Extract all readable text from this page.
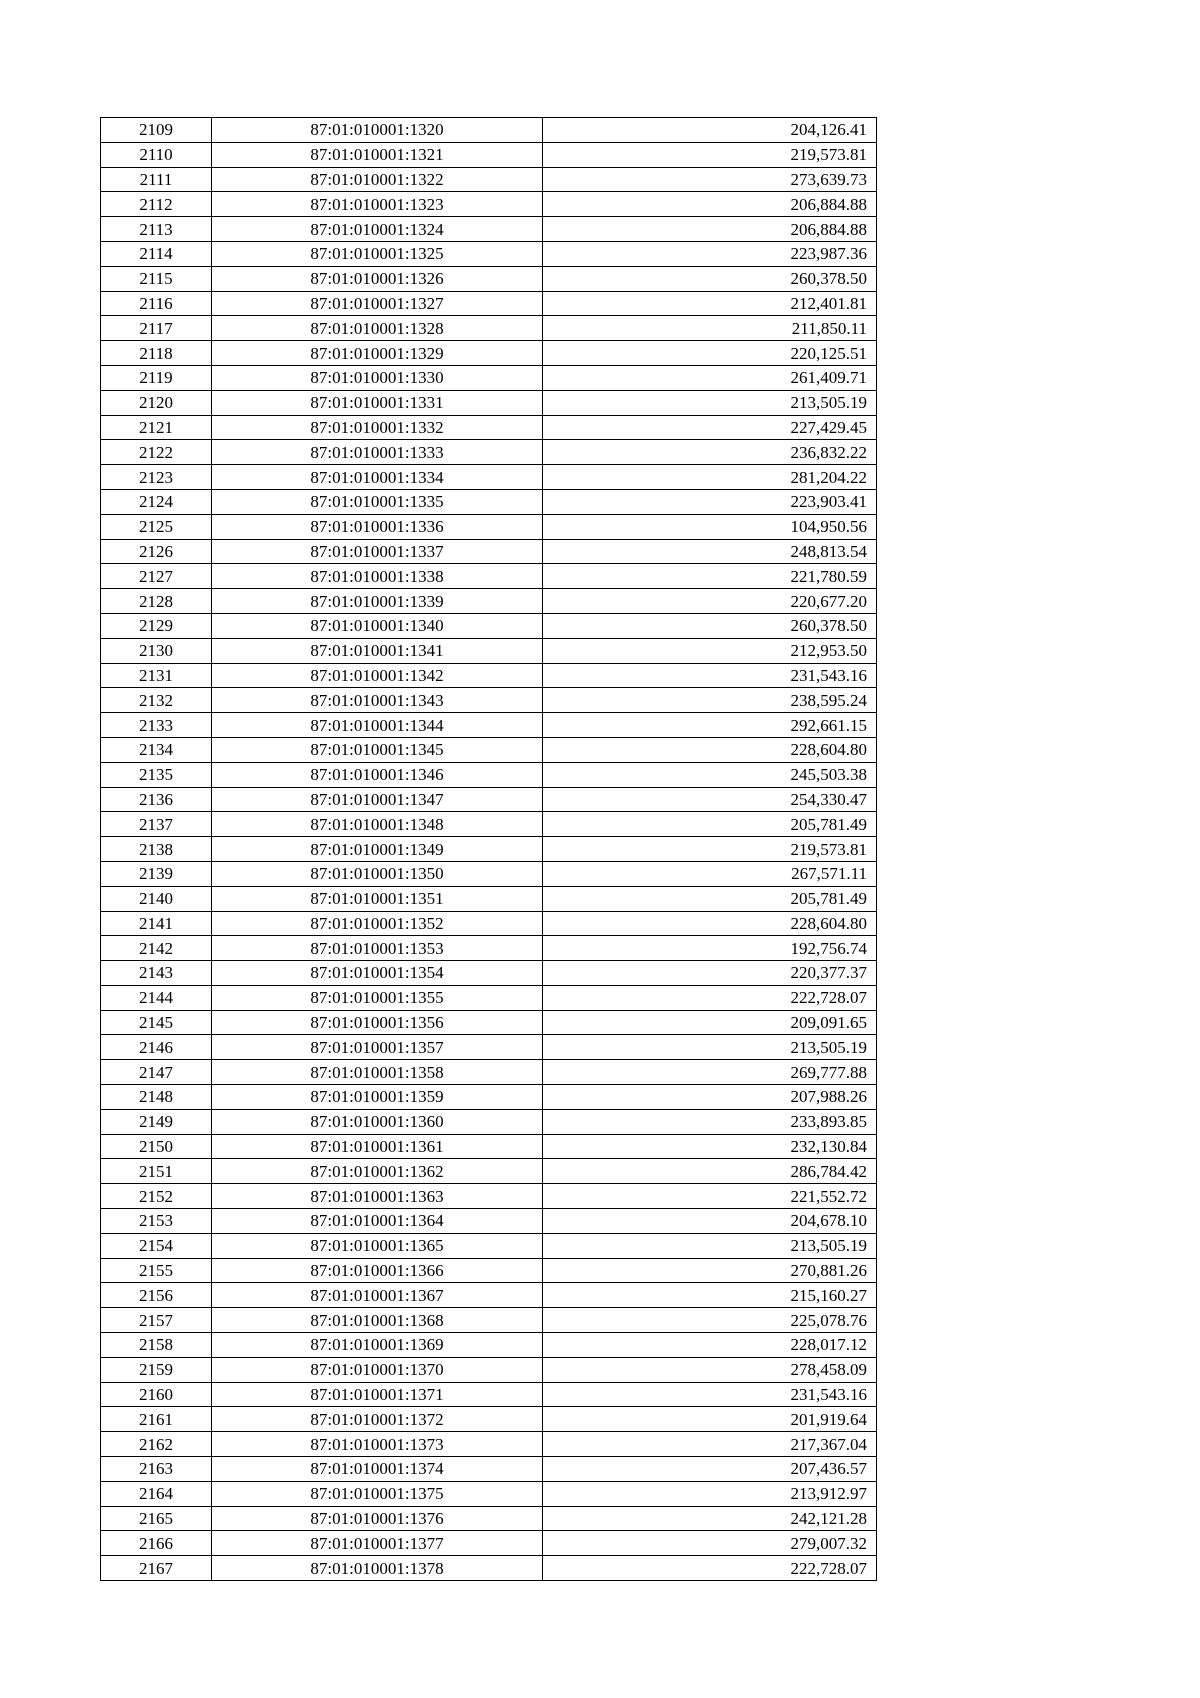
2109	87:01:010001:1320	204,126.41
2110	87:01:010001:1321	219,573.81
2111	87:01:010001:1322	273,639.73
2112	87:01:010001:1323	206,884.88
2113	87:01:010001:1324	206,884.88
2114	87:01:010001:1325	223,987.36
2115	87:01:010001:1326	260,378.50
2116	87:01:010001:1327	212,401.81
2117	87:01:010001:1328	211,850.11
2118	87:01:010001:1329	220,125.51
2119	87:01:010001:1330	261,409.71
2120	87:01:010001:1331	213,505.19
2121	87:01:010001:1332	227,429.45
2122	87:01:010001:1333	236,832.22
2123	87:01:010001:1334	281,204.22
2124	87:01:010001:1335	223,903.41
2125	87:01:010001:1336	104,950.56
2126	87:01:010001:1337	248,813.54
2127	87:01:010001:1338	221,780.59
2128	87:01:010001:1339	220,677.20
2129	87:01:010001:1340	260,378.50
2130	87:01:010001:1341	212,953.50
2131	87:01:010001:1342	231,543.16
2132	87:01:010001:1343	238,595.24
2133	87:01:010001:1344	292,661.15
2134	87:01:010001:1345	228,604.80
2135	87:01:010001:1346	245,503.38
2136	87:01:010001:1347	254,330.47
2137	87:01:010001:1348	205,781.49
2138	87:01:010001:1349	219,573.81
2139	87:01:010001:1350	267,571.11
2140	87:01:010001:1351	205,781.49
2141	87:01:010001:1352	228,604.80
2142	87:01:010001:1353	192,756.74
2143	87:01:010001:1354	220,377.37
2144	87:01:010001:1355	222,728.07
2145	87:01:010001:1356	209,091.65
2146	87:01:010001:1357	213,505.19
2147	87:01:010001:1358	269,777.88
2148	87:01:010001:1359	207,988.26
2149	87:01:010001:1360	233,893.85
2150	87:01:010001:1361	232,130.84
2151	87:01:010001:1362	286,784.42
2152	87:01:010001:1363	221,552.72
2153	87:01:010001:1364	204,678.10
2154	87:01:010001:1365	213,505.19
2155	87:01:010001:1366	270,881.26
2156	87:01:010001:1367	215,160.27
2157	87:01:010001:1368	225,078.76
2158	87:01:010001:1369	228,017.12
2159	87:01:010001:1370	278,458.09
2160	87:01:010001:1371	231,543.16
2161	87:01:010001:1372	201,919.64
2162	87:01:010001:1373	217,367.04
2163	87:01:010001:1374	207,436.57
2164	87:01:010001:1375	213,912.97
2165	87:01:010001:1376	242,121.28
2166	87:01:010001:1377	279,007.32
2167	87:01:010001:1378	222,728.07
